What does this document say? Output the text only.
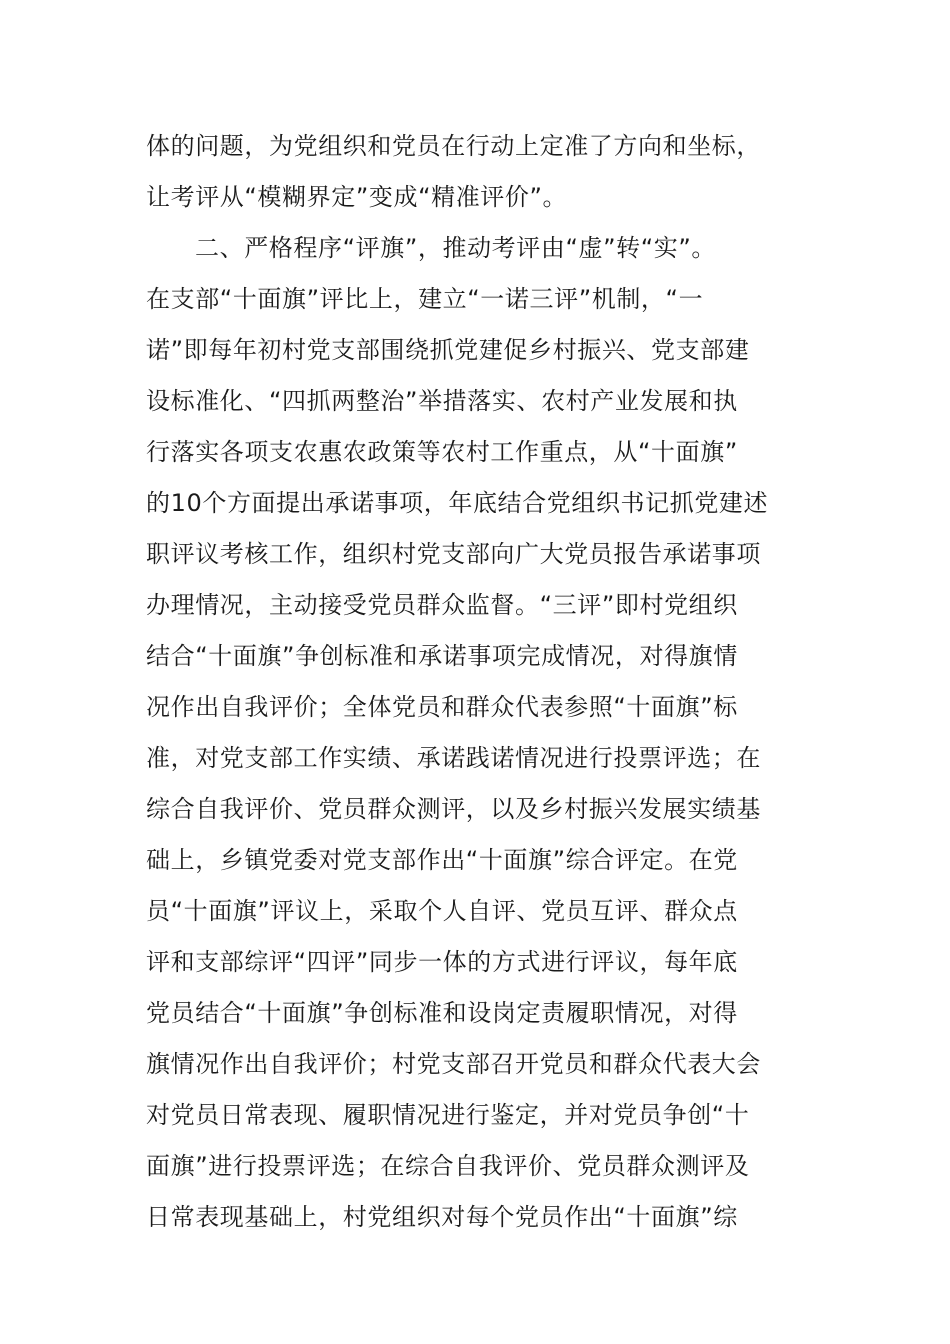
体的问题，为党组织和党员在行动上定准了方向和坐标，
让考评从“模糊界定”变成“精准评价”。
二、严格程序“评旗”，推动考评由“虚”转“实”。
在支部“十面旗”评比上，建立“一诺三评”机制，“一
诺”即每年初村党支部围绕抓党建促乡村振兴、党支部建
设标准化、“四抓两整治”举措落实、农村产业发展和执
行落实各项支农惠农政策等农村工作重点，从“十面旗”
的10个方面提出承诺事项，年底结合党组织书记抓党建述
职评议考核工作，组织村党支部向广大党员报告承诺事项
办理情况，主动接受党员群众监督。“三评”即村党组织
结合“十面旗”争创标准和承诺事项完成情况，对得旗情
况作出自我评价；全体党员和群众代表参照“十面旗”标
准，对党支部工作实绩、承诺践诺情况进行投票评选；在
综合自我评价、党员群众测评，以及乡村振兴发展实绩基
础上，乡镇党委对党支部作出“十面旗”综合评定。在党
员“十面旗”评议上，采取个人自评、党员互评、群众点
评和支部综评“四评”同步一体的方式进行评议，每年底
党员结合“十面旗”争创标准和设岗定责履职情况，对得
旗情况作出自我评价；村党支部召开党员和群众代表大会
对党员日常表现、履职情况进行鉴定，并对党员争创“十
面旗”进行投票评选；在综合自我评价、党员群众测评及
日常表现基础上，村党组织对每个党员作出“十面旗”综
